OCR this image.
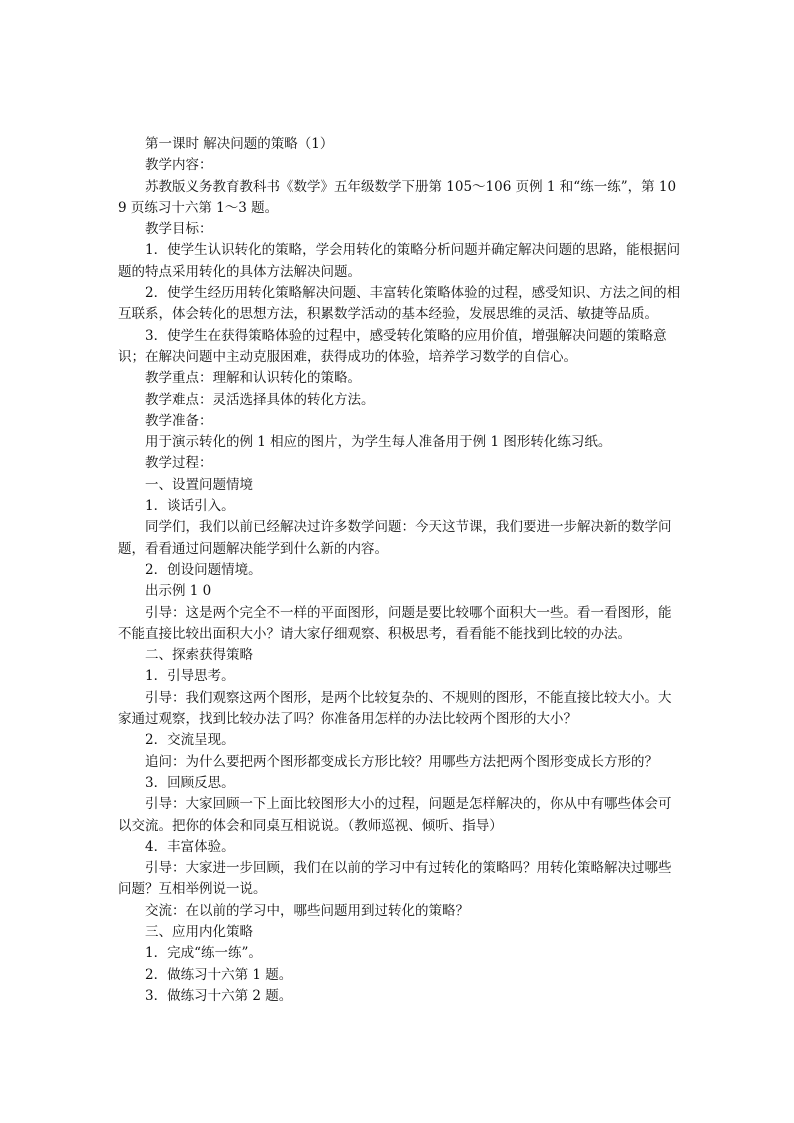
第一课时 解决问题的策略（1）

教学内容：

苏教版义务教育教科书《数学》五年级数学下册第 105～106 页例 1 和“练一练”，第 109 页练习十六第 1～3 题。

教学目标：

1．使学生认识转化的策略，学会用转化的策略分析问题并确定解决问题的思路，能根据问题的特点采用转化的具体方法解决问题。

2．使学生经历用转化策略解决问题、丰富转化策略体验的过程，感受知识、方法之间的相互联系，体会转化的思想方法，积累数学活动的基本经验，发展思维的灵活、敏捷等品质。

3．使学生在获得策略体验的过程中，感受转化策略的应用价值，增强解决问题的策略意识；在解决问题中主动克服困难，获得成功的体验，培养学习数学的自信心。

教学重点：理解和认识转化的策略。

教学难点：灵活选择具体的转化方法。

教学准备：

用于演示转化的例 1 相应的图片，为学生每人准备用于例 1 图形转化练习纸。

教学过程：

一、设置问题情境

1．谈话引入。

同学们，我们以前已经解决过许多数学问题：今天这节课，我们要进一步解决新的数学问题，看看通过问题解决能学到什么新的内容。

2．创设问题情境。

出示例 1 0

引导：这是两个完全不一样的平面图形，问题是要比较哪个面积大一些。看一看图形，能不能直接比较出面积大小？请大家仔细观察、积极思考，看看能不能找到比较的办法。

二、探索获得策略

1．引导思考。

引导：我们观察这两个图形，是两个比较复杂的、不规则的图形，不能直接比较大小。大家通过观察，找到比较办法了吗？你准备用怎样的办法比较两个图形的大小？

2．交流呈现。

追问：为什么要把两个图形都变成长方形比较？用哪些方法把两个图形变成长方形的？

3．回顾反思。

引导：大家回顾一下上面比较图形大小的过程，问题是怎样解决的，你从中有哪些体会可以交流。把你的体会和同桌互相说说。（教师巡视、倾听、指导）

4．丰富体验。

引导：大家进一步回顾，我们在以前的学习中有过转化的策略吗？用转化策略解决过哪些问题？互相举例说一说。

交流：在以前的学习中，哪些问题用到过转化的策略？

三、应用内化策略

1．完成“练一练”。

2．做练习十六第 1 题。

3．做练习十六第 2 题。
